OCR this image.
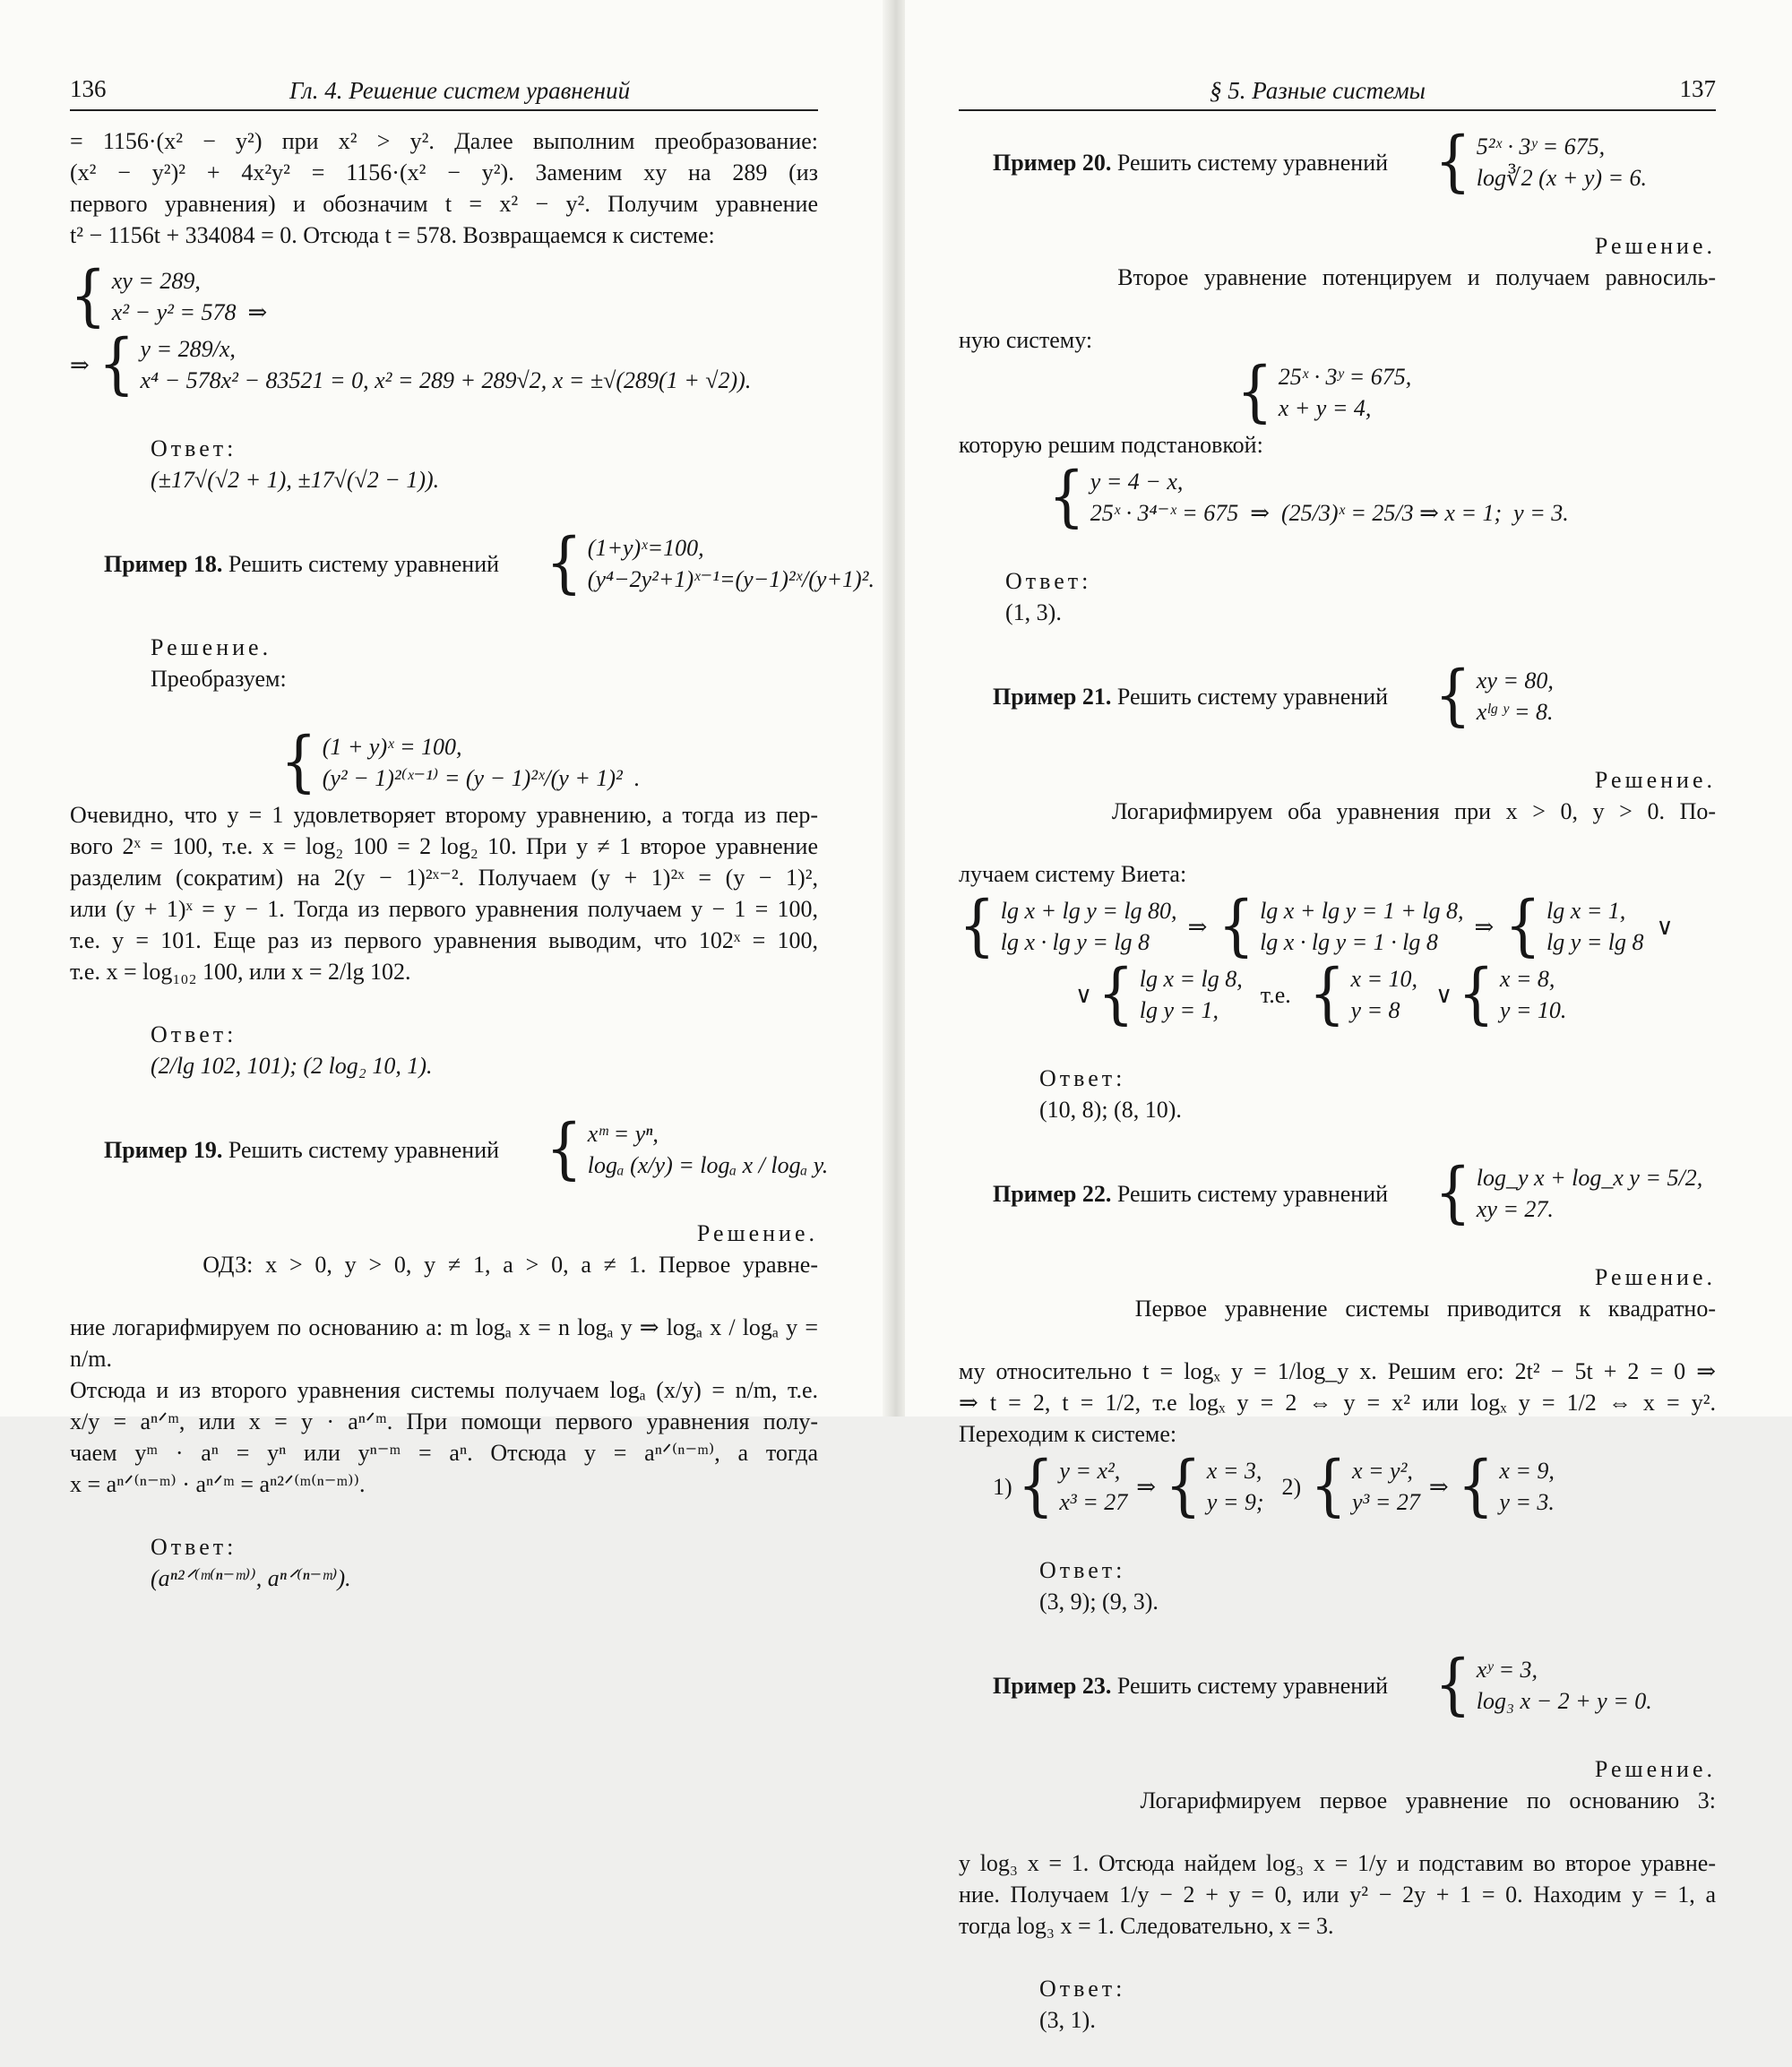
136	Гл. 4. Решение систем уравнений
= 1156·(x² − y²) при x² > y². Далее выполним преобразование:
(x² − y²)² + 4x²y² = 1156·(x² − y²). Заменим xy на 289 (из
первого уравнения) и обозначим t = x² − y². Получим уравнение
t² − 1156t + 334084 = 0. Отсюда t = 578. Возвращаемся к системе:
{ xy = 289,
x² − y² = 578  ⇒
⇒ { y = 289/x,
x⁴ − 578x² − 83521 = 0, x² = 289 + 289√2, x = ±√(289(1 + √2)).

Ответ:
(±17√(√2 + 1), ±17√(√2 − 1)).

Пример 18.
Решить систему уравнений

{ (1+y)ˣ=100,
(y⁴−2y²+1)ˣ⁻¹=(y−1)²ˣ/(y+1)².

Решение.
Преобразуем:

{ (1 + y)ˣ = 100,
(y² − 1)²⁽ˣ⁻¹⁾ = (y − 1)²ˣ/(y + 1)²  .
Очевидно, что y = 1 удовлетворяет второму уравнению, а тогда из пер-
вого 2ˣ = 100, т.е. x = log₂ 100 = 2 log₂ 10. При y ≠ 1 второе уравнение
разделим (сократим) на 2(y − 1)²ˣ⁻². Получаем (y + 1)²ˣ = (y − 1)²,
или (y + 1)ˣ = y − 1. Тогда из первого уравнения получаем y − 1 = 100,
т.е. y = 101. Еще раз из первого уравнения выводим, что 102ˣ = 100,
т.е. x = log₁₀₂ 100, или x = 2/lg 102.

Ответ:
(2/lg 102, 101); (2 log₂ 10, 1).

Пример 19.
Решить систему уравнений

{ xᵐ = yⁿ,
logₐ (x/y) = logₐ x / logₐ y.

Решение.
ОДЗ: x > 0, y > 0, y ≠ 1, a > 0, a ≠ 1. Первое уравне-

ние логарифмируем по основанию a: m logₐ x = n logₐ y ⇒ logₐ x / logₐ y = n/m.
Отсюда и из второго уравнения системы получаем logₐ (x/y) = n/m, т.е.
x/y = aⁿᐟᵐ, или x = y · aⁿᐟᵐ. При помощи первого уравнения полу-
чаем yᵐ · aⁿ = yⁿ или yⁿ⁻ᵐ = aⁿ. Отсюда y = aⁿᐟ⁽ⁿ⁻ᵐ⁾, а тогда
x = aⁿᐟ⁽ⁿ⁻ᵐ⁾ · aⁿᐟᵐ = aⁿ²ᐟ⁽ᵐ⁽ⁿ⁻ᵐ⁾⁾.

Ответ:
(aⁿ²ᐟ⁽ᵐ⁽ⁿ⁻ᵐ⁾⁾, aⁿᐟ⁽ⁿ⁻ᵐ⁾).

§ 5. Разные системы	137
Пример 20.
Решить систему уравнений

{ 5²ˣ · 3ʸ = 675,
log∛2 (x + y) = 6.

Решение.
Второе уравнение потенцируем и получаем равносиль-

ную систему:
{ 25ˣ · 3ʸ = 675,
x + y = 4,
которую решим подстановкой:
{ y = 4 − x,
25ˣ · 3⁴⁻ˣ = 675  ⇒  (25/3)ˣ = 25/3 ⇒ x = 1;  y = 3.

Ответ:
(1, 3).

Пример 21.
Решить систему уравнений

{ xy = 80,
xˡᵍ ʸ = 8.

Решение.
Логарифмируем оба уравнения при x > 0, y > 0. По-

лучаем систему Виета:
{ lg x + lg y = lg 80,
lg x · lg y = lg 8
⇒ { lg x + lg y = 1 + lg 8,
lg x · lg y = 1 · lg 8
⇒ { lg x = 1,
lg y = lg 8
∨
∨ { lg x = lg 8,
lg y = 1,
т.е. { x = 10,
y = 8
∨ { x = 8,
y = 10.

Ответ:
(10, 8); (8, 10).

Пример 22.
Решить систему уравнений

{ log_y x + log_x y = 5/2,
xy = 27.

Решение.
Первое уравнение системы приводится к квадратно-

му относительно t = logₓ y = 1/log_y x. Решим его: 2t² − 5t + 2 = 0 ⇒
⇒ t = 2, t = 1/2, т.е logₓ y = 2 ⇔ y = x² или logₓ y = 1/2 ⇔ x = y².
Переходим к системе:
1) { y = x²,
x³ = 27
⇒ { x = 3,
y = 9;
2) { x = y²,
y³ = 27
⇒ { x = 9,
y = 3.

Ответ:
(3, 9); (9, 3).

Пример 23.
Решить систему уравнений

{ xʸ = 3,
log₃ x − 2 + y = 0.

Решение.
Логарифмируем первое уравнение по основанию 3:

y log₃ x = 1. Отсюда найдем log₃ x = 1/y и подставим во второе уравне-
ние. Получаем 1/y − 2 + y = 0, или y² − 2y + 1 = 0. Находим y = 1, а
тогда log₃ x = 1. Следовательно, x = 3.

Ответ:
(3, 1).
